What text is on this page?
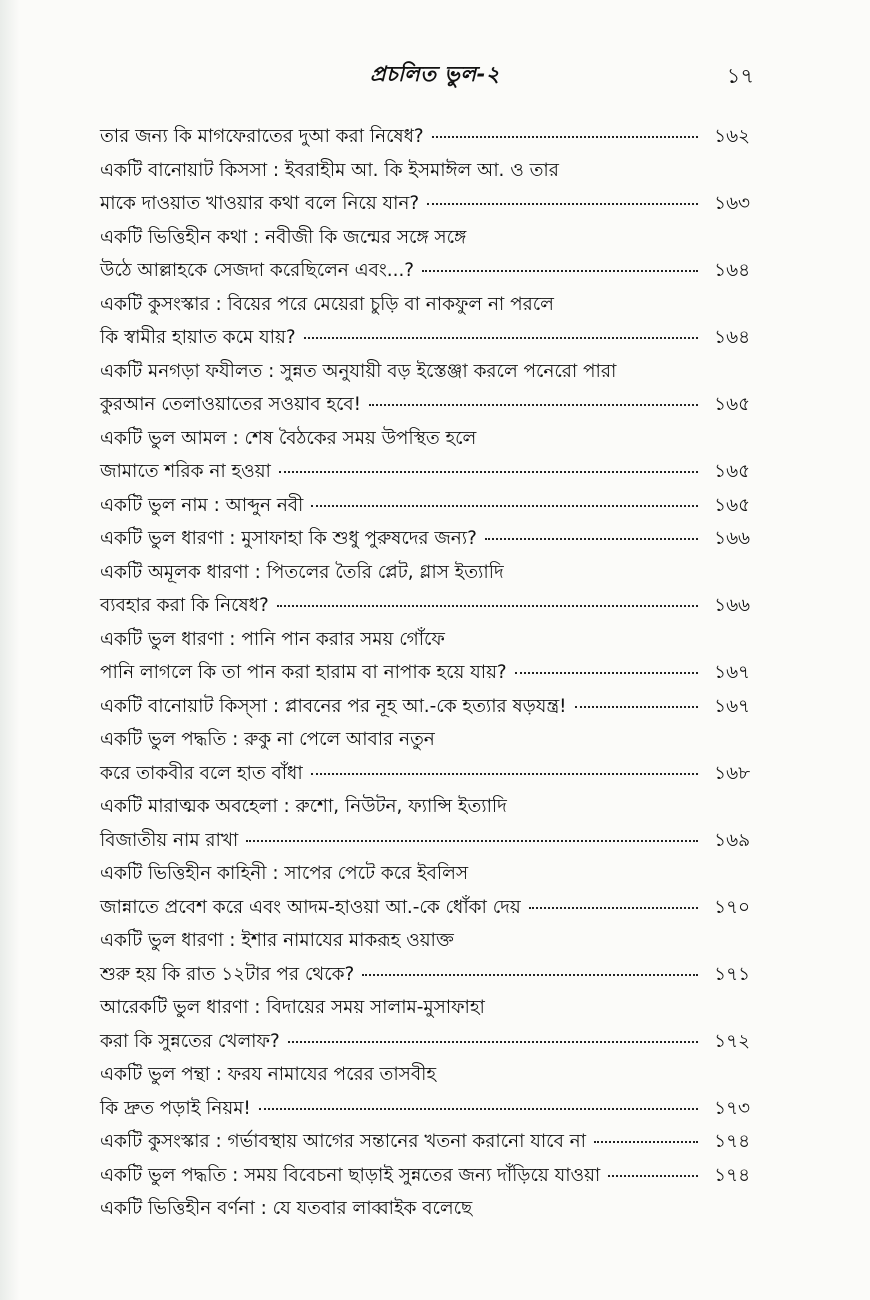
প্রচলিত ভুল-২	১৭
তার জন্য কি মাগফেরাতের দুআ করা নিষেধ?	১৬২
একটি বানোয়াট কিসসা : ইবরাহীম আ. কি ইসমাঈল আ. ও তার
মাকে দাওয়াত খাওয়ার কথা বলে নিয়ে যান?	১৬৩
একটি ভিত্তিহীন কথা : নবীজী কি জন্মের সঙ্গে সঙ্গে
উঠে আল্লাহকে সেজদা করেছিলেন এবং...?	১৬৪
একটি কুসংস্কার : বিয়ের পরে মেয়েরা চুড়ি বা নাকফুল না পরলে
কি স্বামীর হায়াত কমে যায়?	১৬৪
একটি মনগড়া ফযীলত : সুন্নত অনুযায়ী বড় ইস্তেঞ্জা করলে পনেরো পারা
কুরআন তেলাওয়াতের সওয়াব হবে!	১৬৫
একটি ভুল আমল : শেষ বৈঠকের সময় উপস্থিত হলে
জামাতে শরিক না হওয়া	১৬৫
একটি ভুল নাম : আব্দুন নবী	১৬৫
একটি ভুল ধারণা : মুসাফাহা কি শুধু পুরুষদের জন্য?	১৬৬
একটি অমূলক ধারণা : পিতলের তৈরি প্লেট, গ্লাস ইত্যাদি
ব্যবহার করা কি নিষেধ?	১৬৬
একটি ভুল ধারণা : পানি পান করার সময় গোঁফে
পানি লাগলে কি তা পান করা হারাম বা নাপাক হয়ে যায়?	১৬৭
একটি বানোয়াট কিস্‌সা : প্লাবনের পর নূহ আ.-কে হত্যার ষড়যন্ত্র!	১৬৭
একটি ভুল পদ্ধতি : রুকু না পেলে আবার নতুন
করে তাকবীর বলে হাত বাঁধা	১৬৮
একটি মারাত্মক অবহেলা : রুশো, নিউটন, ফ্যান্সি ইত্যাদি
বিজাতীয় নাম রাখা	১৬৯
একটি ভিত্তিহীন কাহিনী : সাপের পেটে করে ইবলিস
জান্নাতে প্রবেশ করে এবং আদম-হাওয়া আ.-কে ধোঁকা দেয়	১৭০
একটি ভুল ধারণা : ইশার নামাযের মাকরূহ ওয়াক্ত
শুরু হয় কি রাত ১২টার পর থেকে?	১৭১
আরেকটি ভুল ধারণা : বিদায়ের সময় সালাম-মুসাফাহা
করা কি সুন্নতের খেলাফ?	১৭২
একটি ভুল পন্থা : ফরয নামাযের পরের তাসবীহ
কি দ্রুত পড়াই নিয়ম!	১৭৩
একটি কুসংস্কার : গর্ভাবস্থায় আগের সন্তানের খতনা করানো যাবে না	১৭৪
একটি ভুল পদ্ধতি : সময় বিবেচনা ছাড়াই সুন্নতের জন্য দাঁড়িয়ে যাওয়া	১৭৪
একটি ভিত্তিহীন বর্ণনা : যে যতবার লাব্বাইক বলেছে
